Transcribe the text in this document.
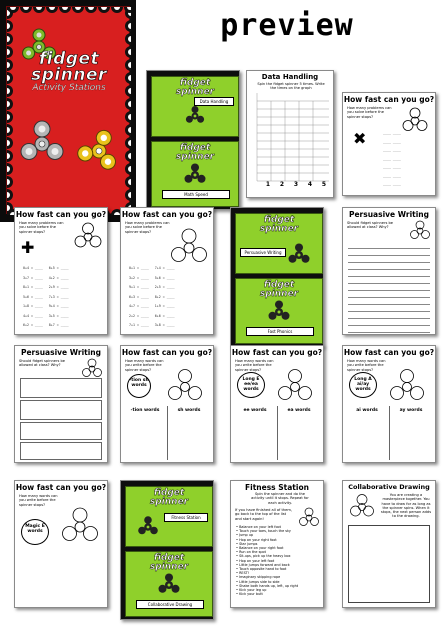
fidget
spinner
Activity Stations
preview
fidget
spinner
Data Handling
fidget
spinner
Math Speed
Data Handling
Spin the fidget spinner 5 times. Write the times on the graph
1 2 3 4 5
How fast can you go?
How many problems can you solve before the spinner stops?
✖	____ ____
____ ____
____ ____
____ ____
____ ____
____ ____
____ ____
How fast can you go?
How many problems can you solve before the spinner stops?
✚
0+4 = ____   6+5 = ____
3+7 = ____   4+2 = ____
8+1 = ____   2+9 = ____
5+6 = ____   7+3 = ____
1+8 = ____   9+4 = ____
4+4 = ____   3+5 = ____
6+2 = ____   8+7 = ____
How fast can you go?
How many problems can you solve before the spinner stops?
0+1 = ____   7+4 = ____
3+2 = ____   5+6 = ____
9+1 = ____   2+5 = ____
6+3 = ____   8+2 = ____
4+7 = ____   1+9 = ____
2+2 = ____   6+6 = ____
7+1 = ____   3+8 = ____
fidget
spinner
Persuasive Writing
fidget
spinner
Fast Phonics
Persuasive Writing
Should fidget spinners be allowed at class? Why?
Persuasive Writing
Should fidget spinners be allowed at class? Why?
How fast can you go?
How many words can you write before the spinner stops?
-tion sh words
-tion words	sh words
How fast can you go?
How many words can you write before the spinner stops?
Long E ee/ea words
ee words	ea words
How fast can you go?
How many words can you write before the spinner stops?
Long A ai/ay words
ai words	ay words
How fast can you go?
How many words can you write before the spinner stops?
Magic E words
fidget
spinner
Fitness Station
fidget
spinner
Collaborative Drawing
Fitness Station
Spin the spinner and do the activity until it stops. Repeat for each activity.
If you have finished all of them, go back to the top of the list and start again!
• Balance on your left foot
• Touch your toes, touch the sky
• Jump up
• Hop on your right foot
• Star jumps
• Balance on your right foot
• Run on the spot
• Sit-ups, pick up the heavy box
• Hop on your left foot
• Little jumps forward and back
• Touch opposite hand to foot
• REST!
• Imaginary skipping rope
• Little jumps side to side
• Shake both hands up, left, up right
• Kick your leg up
• Kick your butt
Collaborative Drawing
You are creating a masterpiece together. You have to draw for as long as the spinner spins. When it stops, the next person adds to the drawing.
